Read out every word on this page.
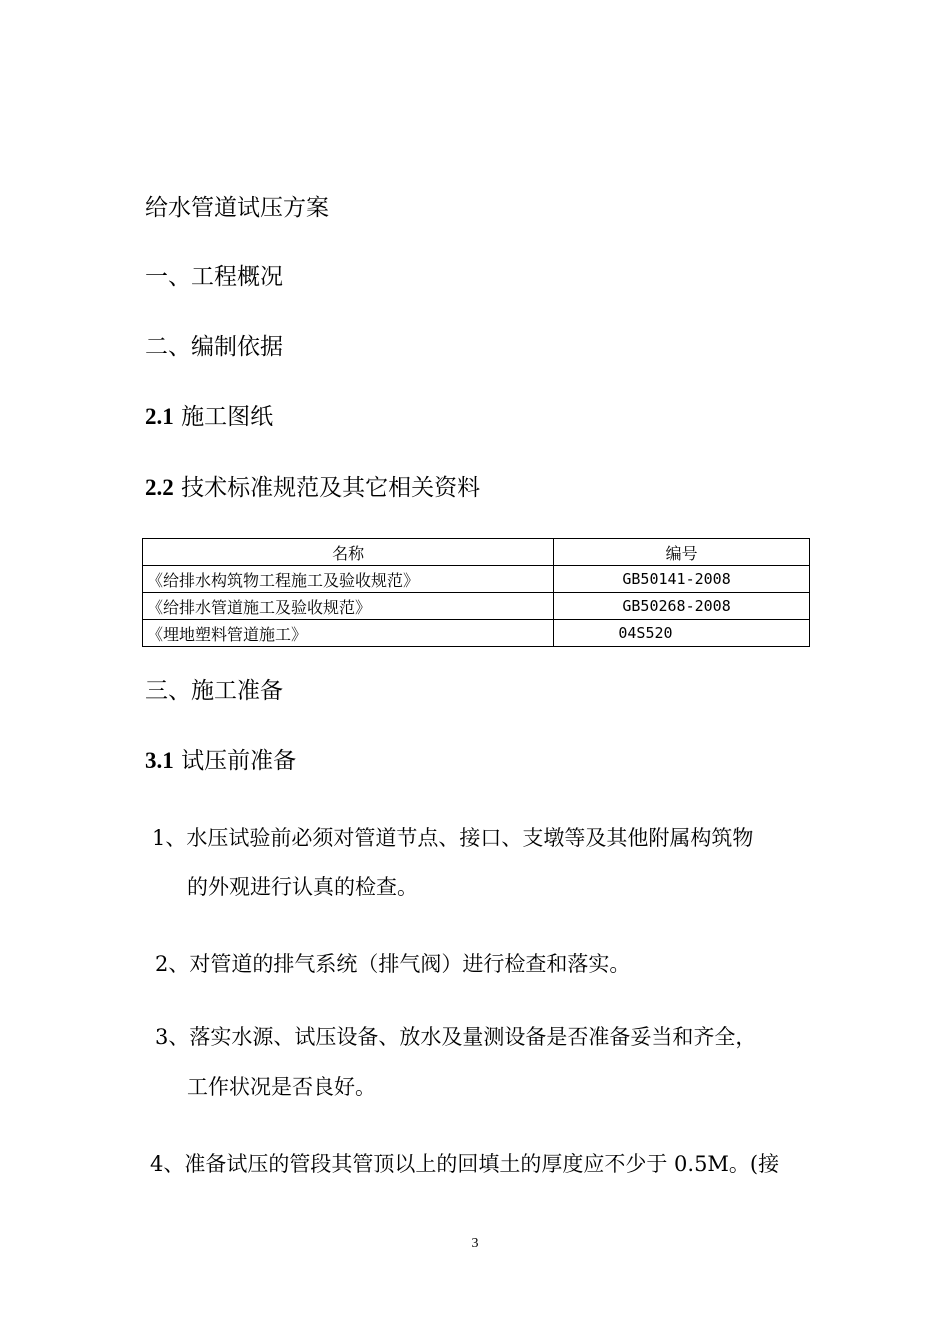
给水管道试压方案
一、工程概况
二、编制依据
2.1 施工图纸
2.2 技术标准规范及其它相关资料
名称	编号
《给排水构筑物工程施工及验收规范》	GB50141-2008
《给排水管道施工及验收规范》	GB50268-2008
《埋地塑料管道施工》	04S520
三、施工准备
3.1 试压前准备
1、水压试验前必须对管道节点、接口、支墩等及其他附属构筑物
的外观进行认真的检查。
2、对管道的排气系统（排气阀）进行检查和落实。
3、落实水源、试压设备、放水及量测设备是否准备妥当和齐全，
工作状况是否良好。
4、准备试压的管段其管顶以上的回填土的厚度应不少于 0.5M。(接
3
